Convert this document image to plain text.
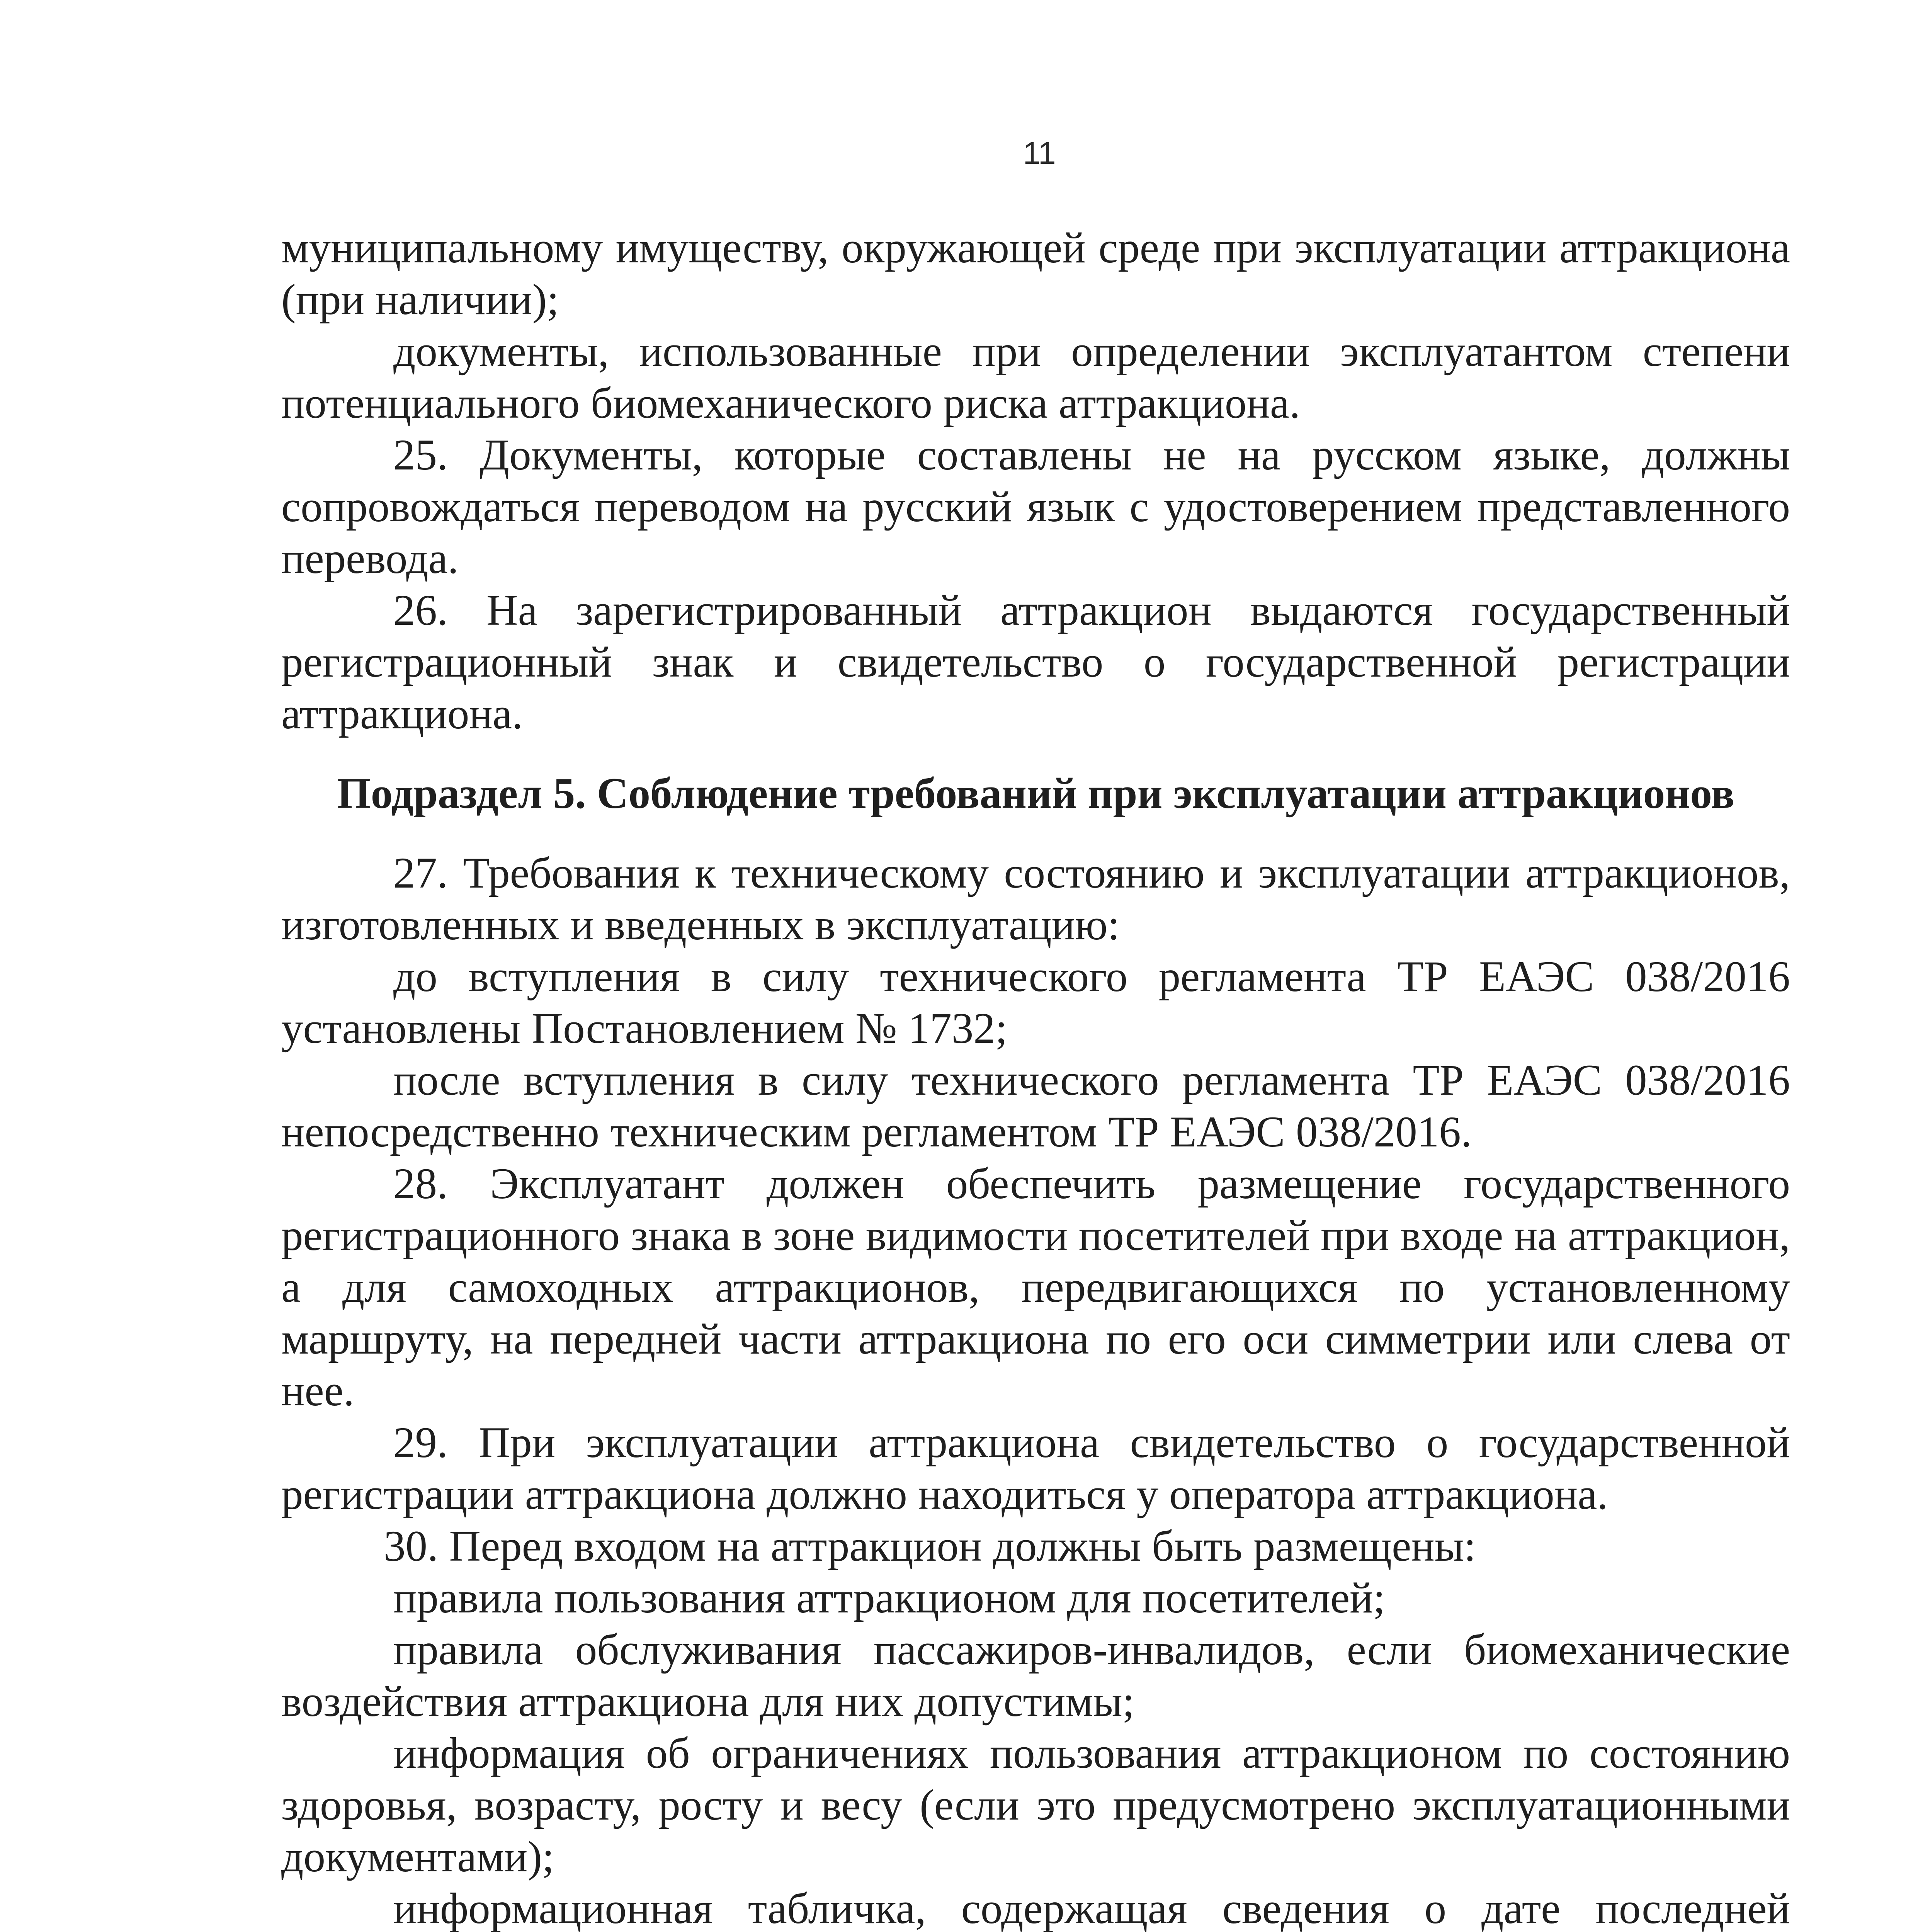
11

муниципальному имуществу, окружающей среде при эксплуатации аттракциона (при наличии);

документы, использованные при определении эксплуатантом степени потенциального биомеханического риска аттракциона.

25. Документы, которые составлены не на русском языке, должны сопровождаться переводом на русский язык с удостоверением представленного перевода.

26. На зарегистрированный аттракцион выдаются государственный регистрационный знак и свидетельство о государственной регистрации аттракциона.

Подраздел 5. Соблюдение требований при эксплуатации аттракционов

27. Требования к техническому состоянию и эксплуатации аттракционов, изготовленных и введенных в эксплуатацию:

до вступления в силу технического регламента ТР ЕАЭС 038/2016 установлены Постановлением № 1732;

после вступления в силу технического регламента ТР ЕАЭС 038/2016 непосредственно техническим регламентом ТР ЕАЭС 038/2016.

28. Эксплуатант должен обеспечить размещение государственного регистрационного знака в зоне видимости посетителей при входе на аттракцион, а для самоходных аттракционов, передвигающихся по установленному маршруту, на передней части аттракциона по его оси симметрии или слева от нее.

29. При эксплуатации аттракциона свидетельство о государственной регистрации аттракциона должно находиться у оператора аттракциона.

30. Перед входом на аттракцион должны быть размещены:

правила пользования аттракционом для посетителей;

правила обслуживания пассажиров-инвалидов, если биомеханические воздействия аттракциона для них допустимы;

информация об ограничениях пользования аттракционом по состоянию здоровья, возрасту, росту и весу (если это предусмотрено эксплуатационными документами);

информационная табличка, содержащая сведения о дате последней
